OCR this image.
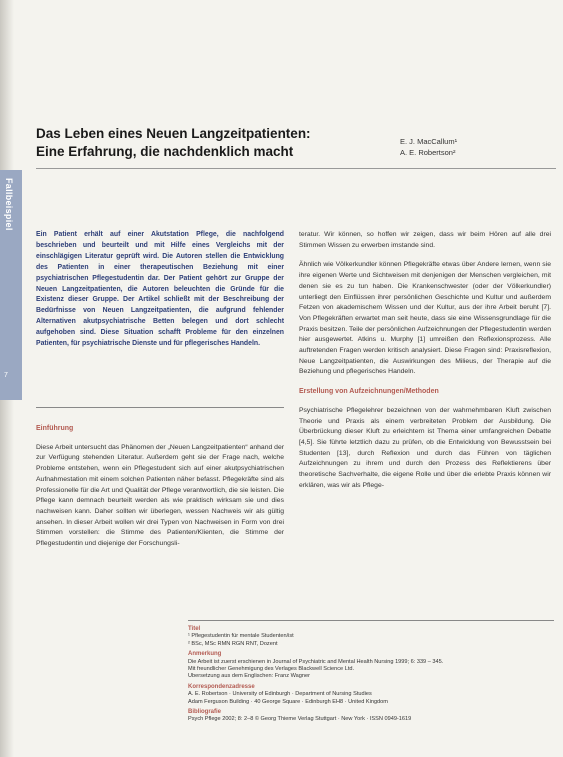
Das Leben eines Neuen Langzeitpatienten:
Eine Erfahrung, die nachdenklich macht
E. J. MacCallum¹
A. E. Robertson²
Fallbeispiel
7

Ein Patient erhält auf einer Akutstation Pflege, die nachfolgend beschrieben und beurteilt und mit Hilfe eines Vergleichs mit der einschlägigen Literatur geprüft wird. Die Autoren stellen die Entwicklung des Patienten in einer therapeutischen Beziehung mit einer psychiatrischen Pflegestudentin dar. Der Patient gehört zur Gruppe der Neuen Langzeitpatienten, die Autoren beleuchten die Gründe für die Existenz dieser Gruppe. Der Artikel schließt mit der Beschreibung der Bedürfnisse von Neuen Langzeitpatienten, die aufgrund fehlender Alternativen akutpsychiatrische Betten belegen und dort schlecht aufgehoben sind. Diese Situation schafft Probleme für den einzelnen Patienten, für psychiatrische Dienste und für pflegerisches Handeln.

Einführung

Diese Arbeit untersucht das Phänomen der „Neuen Langzeitpatienten“ anhand der zur Verfügung stehenden Literatur. Außerdem geht sie der Frage nach, welche Probleme entstehen, wenn ein Pflegestudent sich auf einer akutpsychiatrischen Aufnahmestation mit einem solchen Patienten näher befasst. Pflegekräfte sind als Professionelle für die Art und Qualität der Pflege verantwortlich, die sie leisten. Die Pflege kann demnach beurteilt werden als wie praktisch wirksam sie und dies nachweisen kann. Daher sollten wir überlegen, wessen Nachweis wir als gültig ansehen. In dieser Arbeit wollen wir drei Typen von Nachweisen in Form von drei Stimmen vorstellen: die Stimme des Patienten/Klienten, die Stimme der Pflegestudentin und diejenige der Forschungsli-

teratur. Wir können, so hoffen wir zeigen, dass wir beim Hören auf alle drei Stimmen Wissen zu erwerben imstande sind.

Ähnlich wie Völkerkundler können Pflegekräfte etwas über Andere lernen, wenn sie ihre eigenen Werte und Sichtweisen mit denjenigen der Menschen vergleichen, mit denen sie es zu tun haben. Die Krankenschwester (oder der Völkerkundler) unterliegt den Einflüssen ihrer persönlichen Geschichte und Kultur und außerdem Fetzen von akademischem Wissen und der Kultur, aus der ihre Arbeit beruht [7]. Von Pflegekräften erwartet man seit heute, dass sie eine Wissensgrundlage für die Praxis besitzen. Teile der persönlichen Aufzeichnungen der Pflegestudentin werden hier ausgewertet. Atkins u. Murphy [1] umreißen den Reflexionsprozess. Alle auftretenden Fragen werden kritisch analysiert. Diese Fragen sind: Praxisreflexion, Neue Langzeitpatienten, die Auswirkungen des Milieus, der Therapie auf die Beziehung und pflegerisches Handeln.

Erstellung von Aufzeichnungen/Methoden

Psychiatrische Pflegelehrer bezeichnen von der wahrnehmbaren Kluft zwischen Theorie und Praxis als einem verbreiteten Problem der Ausbildung. Die Überbrückung dieser Kluft zu erleichtern ist Thema einer umfangreichen Debatte [4,5]. Sie führte letztlich dazu zu prüfen, ob die Entwicklung von Bewusstsein bei Studenten [13], durch Reflexion und durch das Führen von täglichen Aufzeichnungen zu ihrem und durch den Prozess des Reflektierens über theoretische Sachverhalte, die eigene Rolle und über die erlebte Praxis können wir erklären, was wir als Pflege-

Titel
¹ Pflegestudentin für mentale Studenten/ist
² BSc, MSc RMN RGN RNT, Dozent
Anmerkung
Die Arbeit ist zuerst erschienen in Journal of Psychiatric and Mental Health Nursing 1999; 6: 339 – 345.
Mit freundlicher Genehmigung des Verlages Blackwell Science Ltd.
Übersetzung aus dem Englischen: Franz Wagner
Korrespondenzadresse
A. E. Robertson · University of Edinburgh · Department of Nursing Studies
Adam Ferguson Building · 40 George Square · Edinburgh EH8 · United Kingdom
Bibliografie
Psych Pflege 2002; 8: 2–8 © Georg Thieme Verlag Stuttgart · New York · ISSN 0949-1619
